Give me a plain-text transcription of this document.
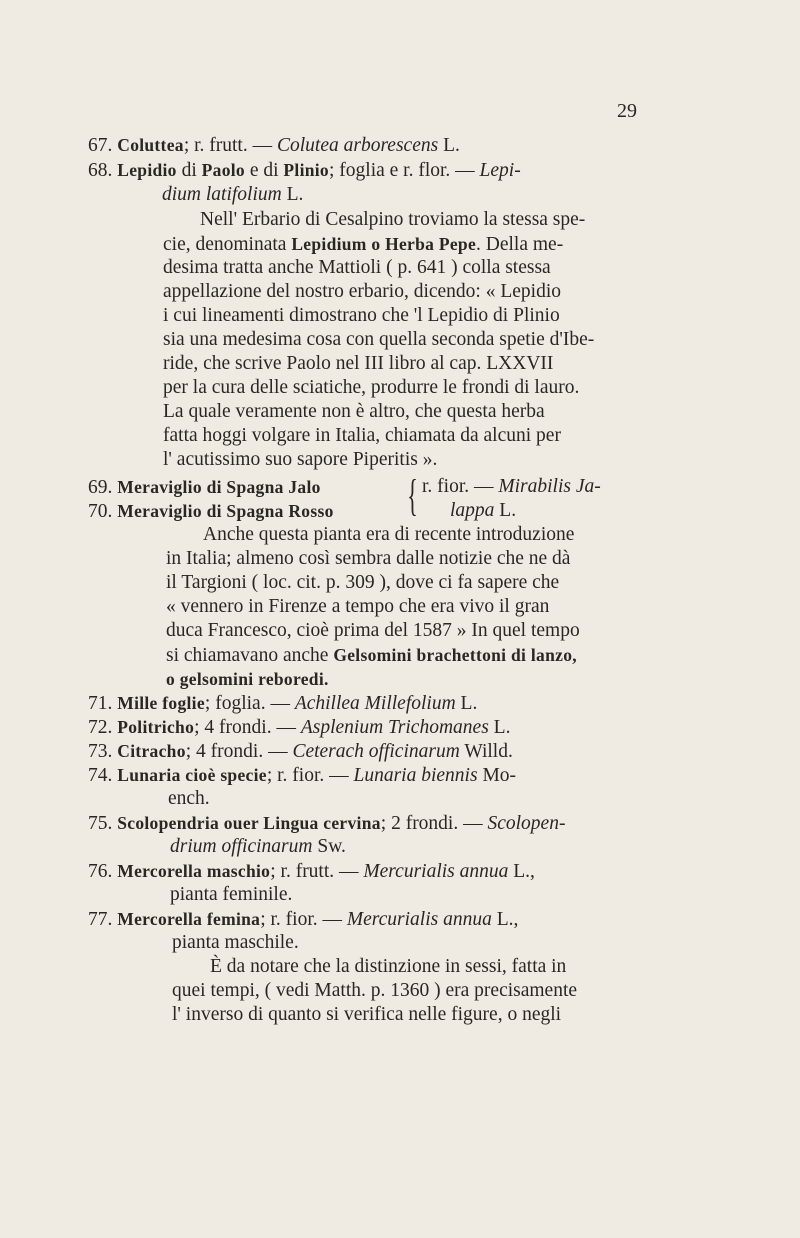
29
67. Coluttea; r. frutt. — Colutea arborescens L.
68. Lepidio di Paolo e di Plinio; foglia e r. flor. — Lepi-
dium latifolium L.
Nell' Erbario di Cesalpino troviamo la stessa spe-
cie, denominata Lepidium o Herba Pepe. Della me-
desima tratta anche Mattioli ( p. 641 ) colla stessa
appellazione del nostro erbario, dicendo: « Lepidio
i cui lineamenti dimostrano che 'l Lepidio di Plinio
sia una medesima cosa con quella seconda spetie d'Ibe-
ride, che scrive Paolo nel III libro al cap. LXXVII
per la cura delle sciatiche, produrre le frondi di lauro.
La quale veramente non è altro, che questa herba
fatta hoggi volgare in Italia, chiamata da alcuni per
l' acutissimo suo sapore Piperitis ».
69. Meraviglio di Spagna Jalo
70. Meraviglio di Spagna Rosso { r. fior. — Mirabilis Ja-
lappa L.
Anche questa pianta era di recente introduzione
in Italia; almeno così sembra dalle notizie che ne dà
il Targioni ( loc. cit. p. 309 ), dove ci fa sapere che
« vennero in Firenze a tempo che era vivo il gran
duca Francesco, cioè prima del 1587 » In quel tempo
si chiamavano anche Gelsomini brachettoni di lanzo,
o gelsomini reboredi.
71. Mille foglie; foglia. — Achillea Millefolium L.
72. Politricho; 4 frondi. — Asplenium Trichomanes L.
73. Citracho; 4 frondi. — Ceterach officinarum Willd.
74. Lunaria cioè specie; r. fior. — Lunaria biennis Mo-
ench.
75. Scolopendria ouer Lingua cervina; 2 frondi. — Scolopen-
drium officinarum Sw.
76. Mercorella maschio; r. frutt. — Mercurialis annua L.,
pianta feminile.
77. Mercorella femina; r. fior. — Mercurialis annua L.,
pianta maschile.
È da notare che la distinzione in sessi, fatta in
quei tempi, ( vedi Matth. p. 1360 ) era precisamente
l' inverso di quanto si verifica nelle figure, o negli
